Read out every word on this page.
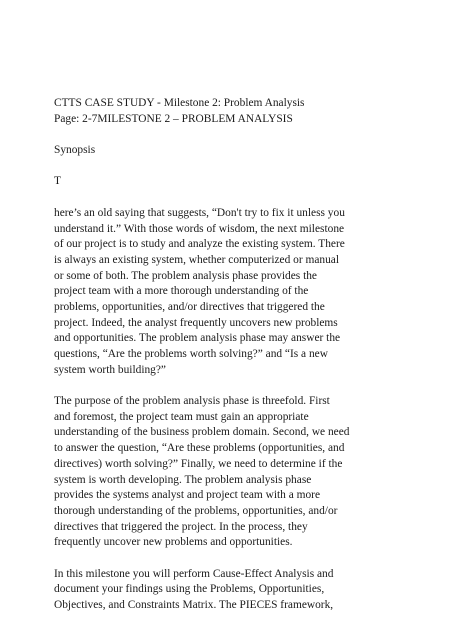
CTTS CASE STUDY - Milestone 2: Problem Analysis
Page: 2-7MILESTONE 2 – PROBLEM ANALYSIS
Synopsis
T
here’s an old saying that suggests, “Don't try to fix it unless you
understand it.” With those words of wisdom, the next milestone
of our project is to study and analyze the existing system. There
is always an existing system, whether computerized or manual
or some of both. The problem analysis phase provides the
project team with a more thorough understanding of the
problems, opportunities, and/or directives that triggered the
project. Indeed, the analyst frequently uncovers new problems
and opportunities. The problem analysis phase may answer the
questions, “Are the problems worth solving?” and “Is a new
system worth building?”
The purpose of the problem analysis phase is threefold. First
and foremost, the project team must gain an appropriate
understanding of the business problem domain. Second, we need
to answer the question, “Are these problems (opportunities, and
directives) worth solving?” Finally, we need to determine if the
system is worth developing. The problem analysis phase
provides the systems analyst and project team with a more
thorough understanding of the problems, opportunities, and/or
directives that triggered the project. In the process, they
frequently uncover new problems and opportunities.
In this milestone you will perform Cause-Effect Analysis and
document your findings using the Problems, Opportunities,
Objectives, and Constraints Matrix. The PIECES framework,
